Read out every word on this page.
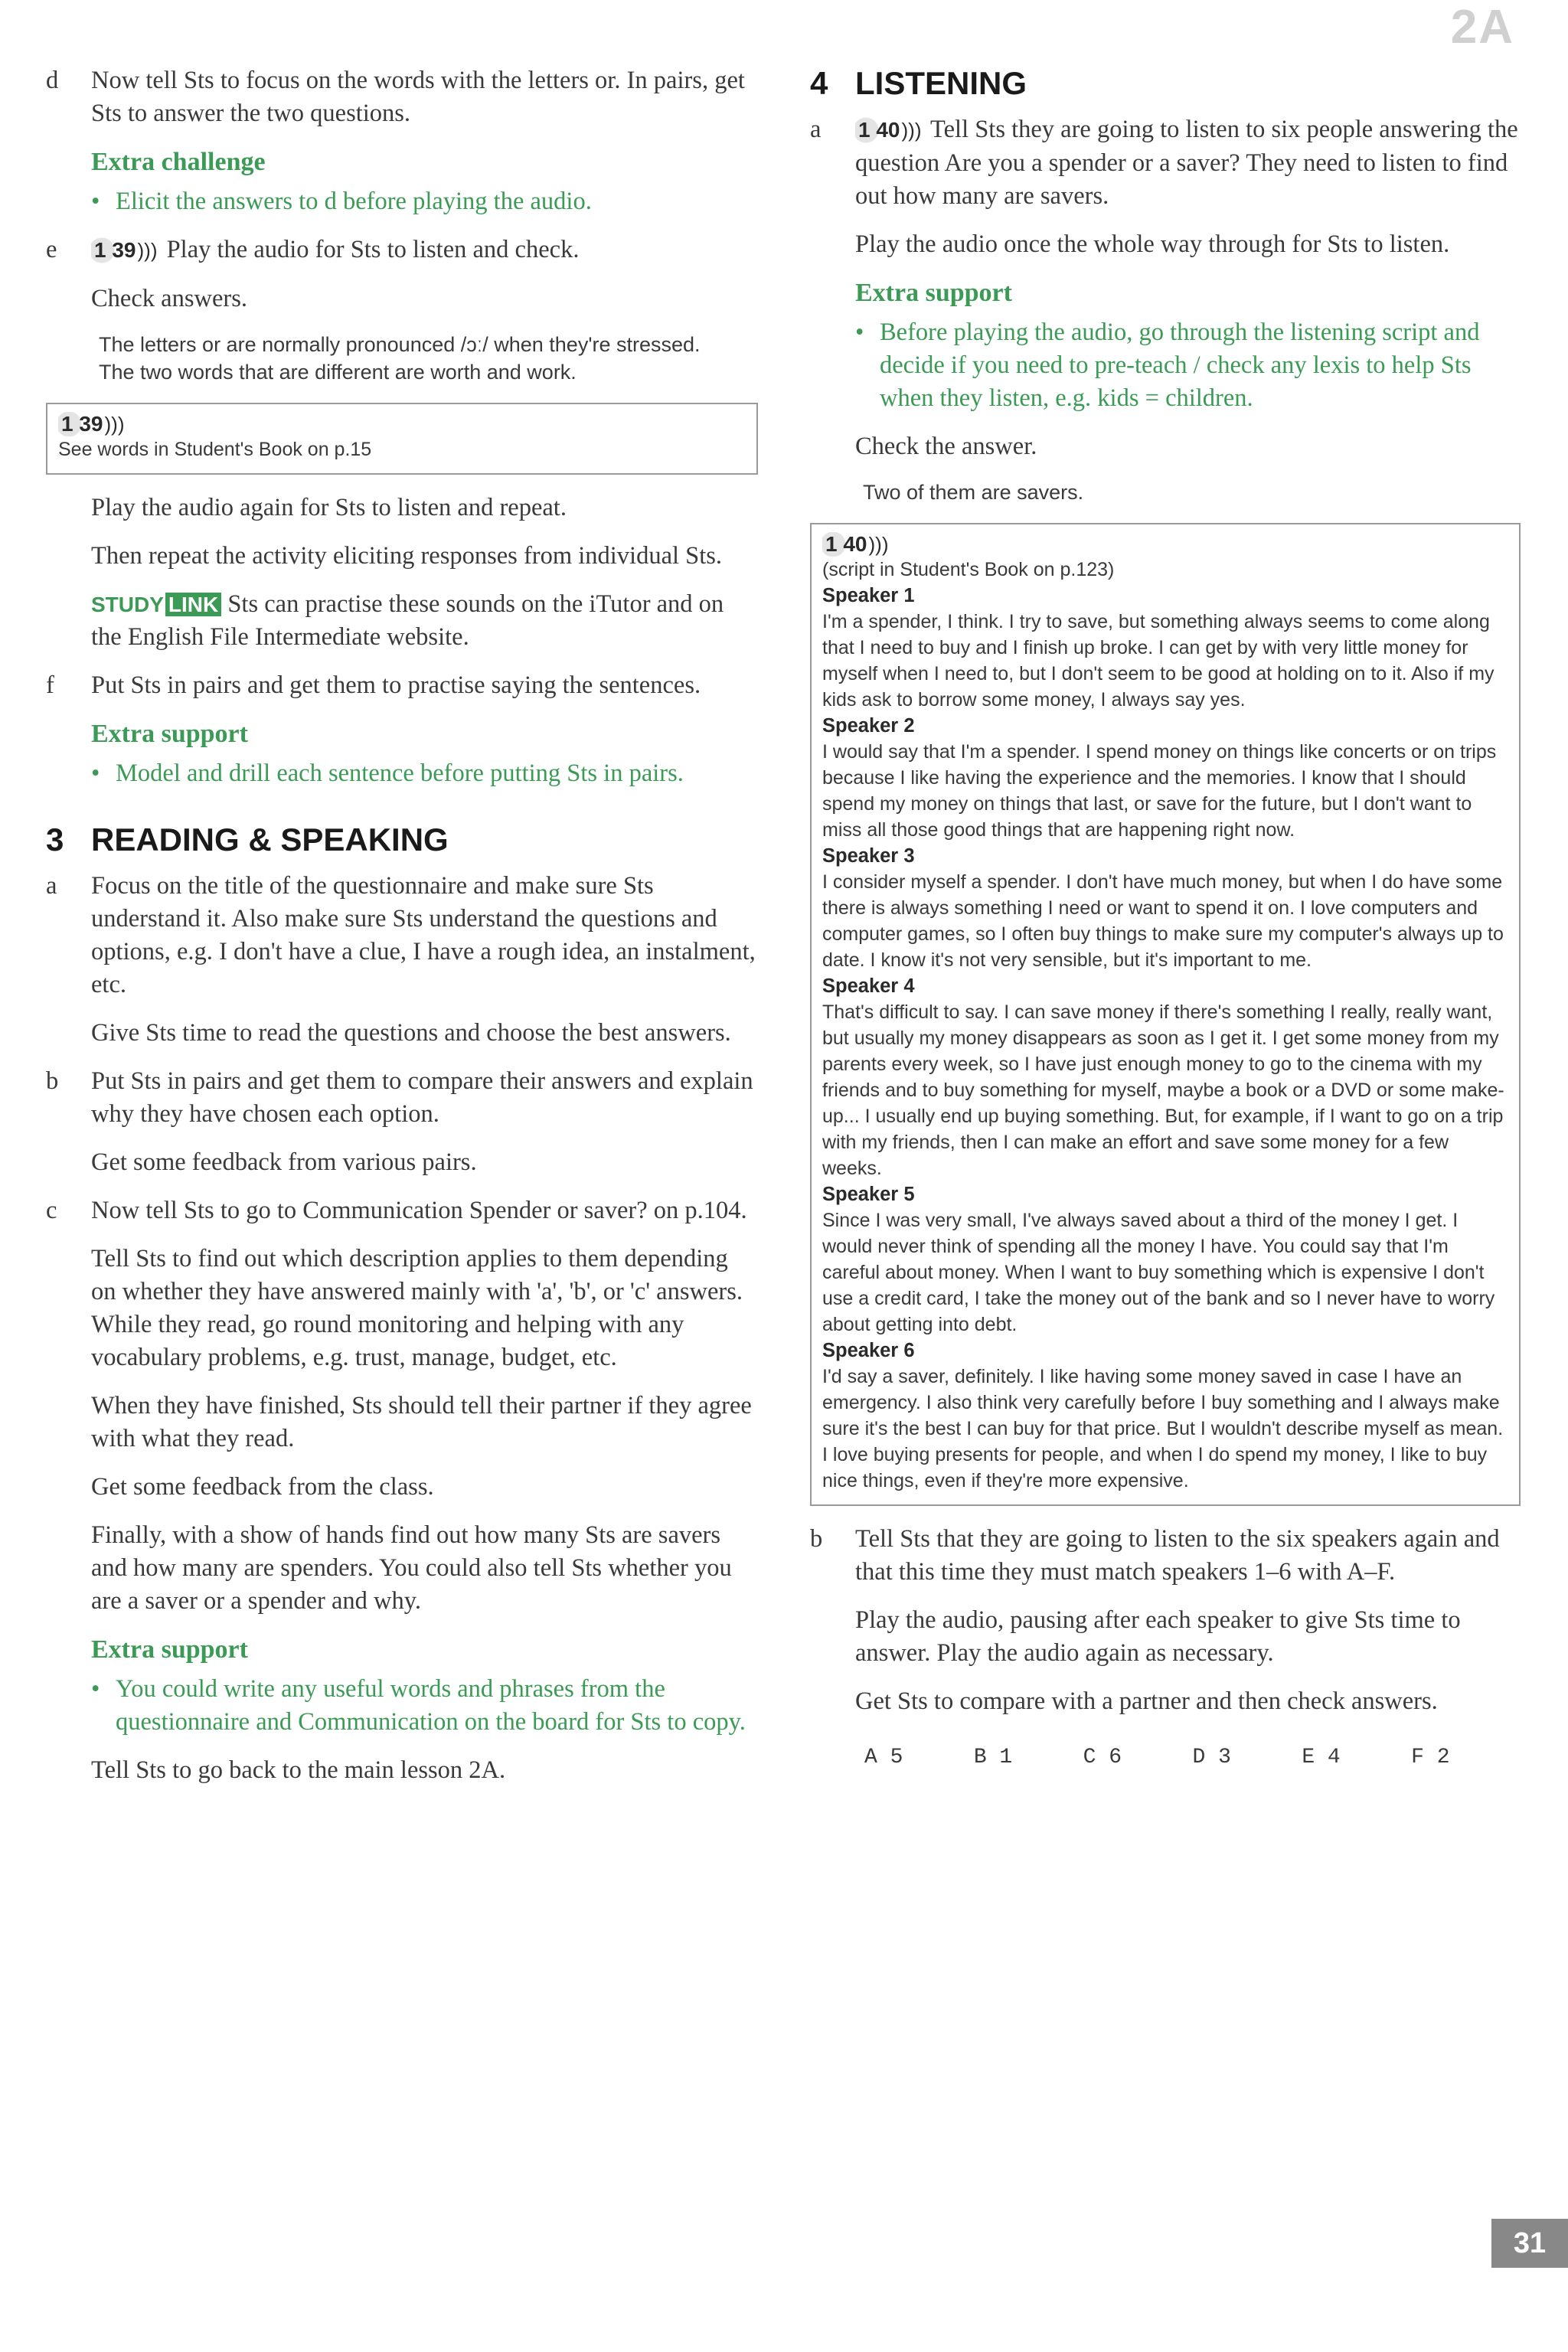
2A
d Now tell Sts to focus on the words with the letters or. In pairs, get Sts to answer the two questions.

Extra challenge

• Elicit the answers to d before playing the audio.

e 1 39))) Play the audio for Sts to listen and check.

Check answers.

The letters or are normally pronounced /ɔː/ when they're stressed.
The two words that are different are worth and work.

1 39)))

See words in Student's Book on p.15

Play the audio again for Sts to listen and repeat.

Then repeat the activity eliciting responses from individual Sts.

STUDY LINK Sts can practise these sounds on the iTutor and on the English File Intermediate website.

f Put Sts in pairs and get them to practise saying the sentences.

Extra support

• Model and drill each sentence before putting Sts in pairs.

3 READING & SPEAKING
a Focus on the title of the questionnaire and make sure Sts understand it. Also make sure Sts understand the questions and options, e.g. I don't have a clue, I have a rough idea, an instalment, etc.

Give Sts time to read the questions and choose the best answers.

b Put Sts in pairs and get them to compare their answers and explain why they have chosen each option.

Get some feedback from various pairs.

c Now tell Sts to go to Communication Spender or saver? on p.104.

Tell Sts to find out which description applies to them depending on whether they have answered mainly with 'a', 'b', or 'c' answers. While they read, go round monitoring and helping with any vocabulary problems, e.g. trust, manage, budget, etc.

When they have finished, Sts should tell their partner if they agree with what they read.

Get some feedback from the class.

Finally, with a show of hands find out how many Sts are savers and how many are spenders. You could also tell Sts whether you are a saver or a spender and why.

Extra support

• You could write any useful words and phrases from the questionnaire and Communication on the board for Sts to copy.

Tell Sts to go back to the main lesson 2A.

4 LISTENING
a 1 40))) Tell Sts they are going to listen to six people answering the question Are you a spender or a saver? They need to listen to find out how many are savers.

Play the audio once the whole way through for Sts to listen.

Extra support

• Before playing the audio, go through the listening script and decide if you need to pre-teach / check any lexis to help Sts when they listen, e.g. kids = children.

Check the answer.

Two of them are savers.

1 40)))

(script in Student's Book on p.123)

Speaker 1

I'm a spender, I think. I try to save, but something always seems to come along that I need to buy and I finish up broke. I can get by with very little money for myself when I need to, but I don't seem to be good at holding on to it. Also if my kids ask to borrow some money, I always say yes.

Speaker 2

I would say that I'm a spender. I spend money on things like concerts or on trips because I like having the experience and the memories. I know that I should spend my money on things that last, or save for the future, but I don't want to miss all those good things that are happening right now.

Speaker 3

I consider myself a spender. I don't have much money, but when I do have some there is always something I need or want to spend it on. I love computers and computer games, so I often buy things to make sure my computer's always up to date. I know it's not very sensible, but it's important to me.

Speaker 4

That's difficult to say. I can save money if there's something I really, really want, but usually my money disappears as soon as I get it. I get some money from my parents every week, so I have just enough money to go to the cinema with my friends and to buy something for myself, maybe a book or a DVD or some make-up... I usually end up buying something. But, for example, if I want to go on a trip with my friends, then I can make an effort and save some money for a few weeks.

Speaker 5

Since I was very small, I've always saved about a third of the money I get. I would never think of spending all the money I have. You could say that I'm careful about money. When I want to buy something which is expensive I don't use a credit card, I take the money out of the bank and so I never have to worry about getting into debt.

Speaker 6

I'd say a saver, definitely. I like having some money saved in case I have an emergency. I also think very carefully before I buy something and I always make sure it's the best I can buy for that price. But I wouldn't describe myself as mean. I love buying presents for people, and when I do spend my money, I like to buy nice things, even if they're more expensive.

b Tell Sts that they are going to listen to the six speakers again and that this time they must match speakers 1–6 with A–F.

Play the audio, pausing after each speaker to give Sts time to answer. Play the audio again as necessary.

Get Sts to compare with a partner and then check answers.

A 5	B 1	C 6	D 3	E 4	F 2
31
